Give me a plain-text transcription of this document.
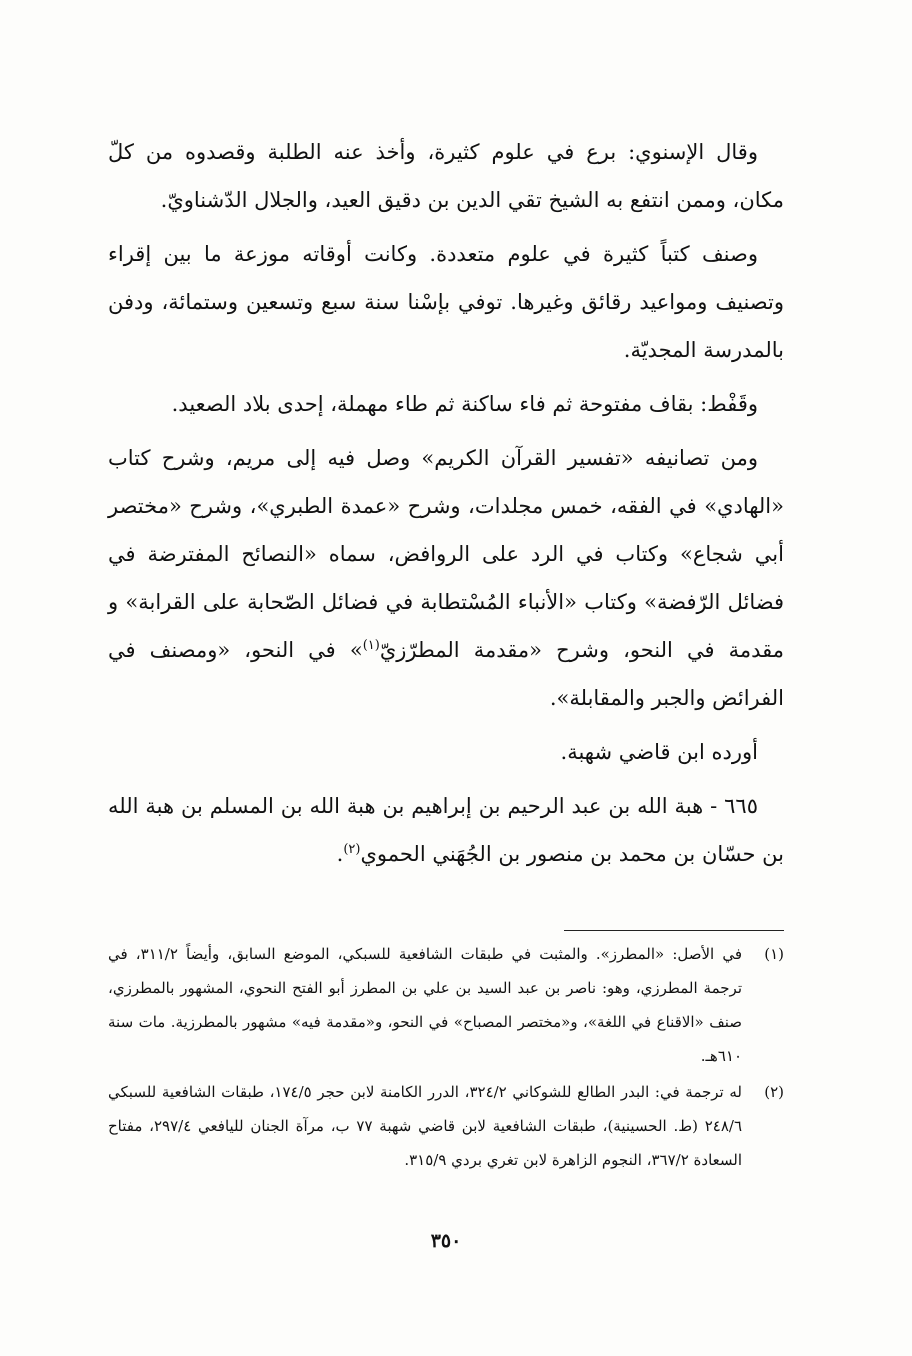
وقال الإسنوي: برع في علوم كثيرة، وأخذ عنه الطلبة وقصدوه من كلّ مكان، وممن انتفع به الشيخ تقي الدين بن دقيق العيد، والجلال الدّشناويّ.

وصنف كتباً كثيرة في علوم متعددة. وكانت أوقاته موزعة ما بين إقراء وتصنيف ومواعيد رقائق وغيرها. توفي بإسْنا سنة سبع وتسعين وستمائة، ودفن بالمدرسة المجديّة.

وقَفْط: بقاف مفتوحة ثم فاء ساكنة ثم طاء مهملة، إحدى بلاد الصعيد.

ومن تصانيفه «تفسير القرآن الكريم» وصل فيه إلى مريم، وشرح كتاب «الهادي» في الفقه، خمس مجلدات، وشرح «عمدة الطبري»، وشرح «مختصر أبي شجاع» وكتاب في الرد على الروافض، سماه «النصائح المفترضة في فضائل الرّفضة» وكتاب «الأنباء المُسْتطابة في فضائل الصّحابة على القرابة» و مقدمة في النحو، وشرح «مقدمة المطرّزيّ$^{(١)}$» في النحو، «ومصنف في الفرائض والجبر والمقابلة».

أورده ابن قاضي شهبة.

٦٦٥ - هبة الله بن عبد الرحيم بن إبراهيم بن هبة الله بن المسلم بن هبة الله بن حسّان بن محمد بن منصور بن الجُهَني الحموي$^{(٢)}$.

(١)
في الأصل: «المطرز». والمثبت في طبقات الشافعية للسبكي، الموضع السابق، وأيضاً ٣١١/٢، في ترجمة المطرزي، وهو: ناصر بن عبد السيد بن علي بن المطرز أبو الفتح النحوي، المشهور بالمطرزي، صنف «الاقناع في اللغة»، و«مختصر المصباح» في النحو، و«مقدمة فيه» مشهور بالمطرزية. مات سنة ٦١٠هـ.
(٢)
له ترجمة في: البدر الطالع للشوكاني ٣٢٤/٢، الدرر الكامنة لابن حجر ١٧٤/٥، طبقات الشافعية للسبكي ٢٤٨/٦ (ط. الحسينية)، طبقات الشافعية لابن قاضي شهبة ٧٧ ب، مرآة الجنان لليافعي ٢٩٧/٤، مفتاح السعادة ٣٦٧/٢، النجوم الزاهرة لابن تغري بردي ٣١٥/٩.
٣٥٠
